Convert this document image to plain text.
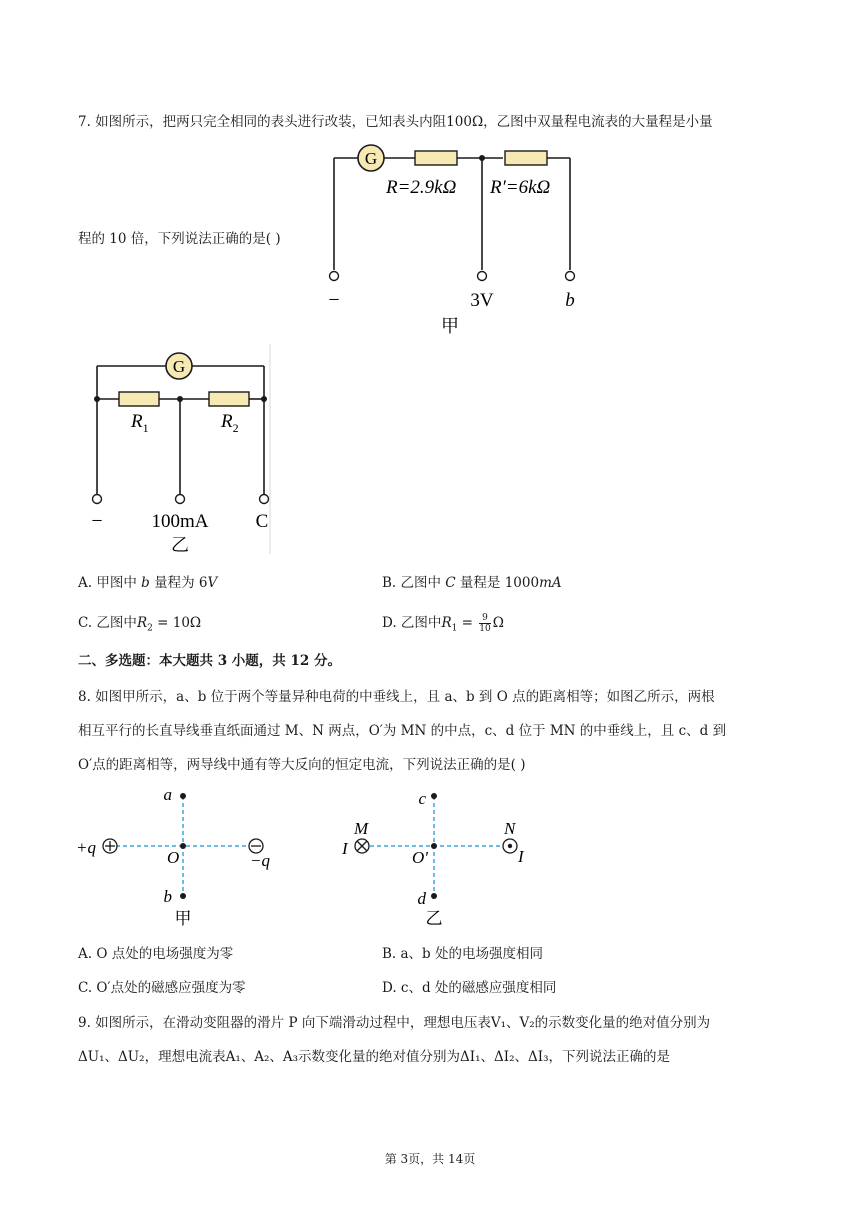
7. 如图所示，把两只完全相同的表头进行改装，已知表头内阻100Ω，乙图中双量程电流表的大量程是小量
程的 10 倍，下列说法正确的是( )
G
R=2.9kΩ R′=6kΩ
−	3V	b
甲
G
$R_1$	$R_2$
−	100mA C
乙
A. 甲图中 b 量程为 6V	B. 乙图中 C 量程是 1000mA
C. 乙图中$R_2 = 10\Omega$	D. 乙图中$R_1 = \frac{9}{10}$ Ω
二、多选题：本大题共 3 小题，共 12 分。
8. 如图甲所示，a、b 位于两个等量异种电荷的中垂线上，且 a、b 到 O 点的距离相等；如图乙所示，两根
相互平行的长直导线垂直纸面通过 M、N 两点，O′为 MN 的中点，c、d 位于 MN 的中垂线上，且 c、d 到
O′点的距离相等，两导线中通有等大反向的恒定电流，下列说法正确的是( )
a
b
O
+q
−q
甲
c
d
O′
M	N
I	I
乙
A. O 点处的电场强度为零	B. a、b 处的电场强度相同
C. O′点处的磁感应强度为零	D. c、d 处的磁感应强度相同
9. 如图所示，在滑动变阻器的滑片 P 向下端滑动过程中，理想电压表V₁、V₂的示数变化量的绝对值分别为
ΔU₁、ΔU₂，理想电流表A₁、A₂、A₃示数变化量的绝对值分别为ΔI₁、ΔI₂、ΔI₃，下列说法正确的是
第 3页，共 14页
